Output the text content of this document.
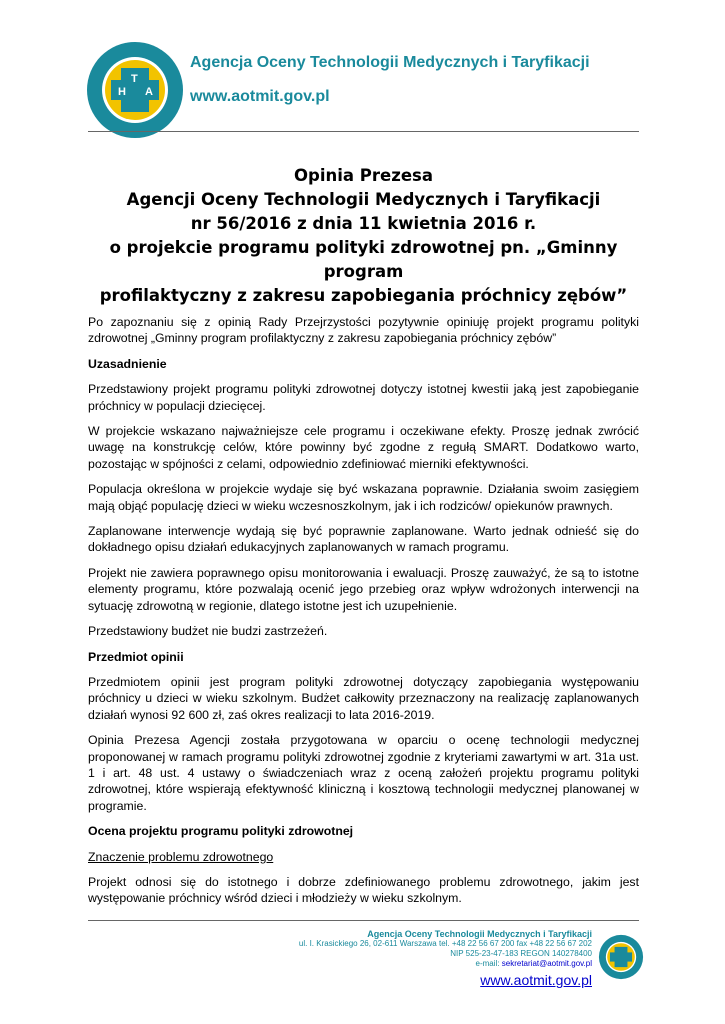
H A
T
Agencja Oceny Technologii Medycznych i Taryfikacji
www.aotmit.gov.pl
Opinia Prezesa
Agencji Oceny Technologii Medycznych i Taryfikacji
nr 56/2016 z dnia 11 kwietnia 2016 r.
o projekcie programu polityki zdrowotnej pn. „Gminny program
profilaktyczny z zakresu zapobiegania próchnicy zębów”

Po zapoznaniu się z opinią Rady Przejrzystości pozytywnie opiniuję projekt programu polityki zdrowotnej „Gminny program profilaktyczny z zakresu zapobiegania próchnicy zębów”

Uzasadnienie

Przedstawiony projekt programu polityki zdrowotnej dotyczy istotnej kwestii jaką jest zapobieganie próchnicy w populacji dziecięcej.

W projekcie wskazano najważniejsze cele programu i oczekiwane efekty. Proszę jednak zwrócić uwagę na konstrukcję celów, które powinny być zgodne z regułą SMART. Dodatkowo warto, pozostając w spójności z celami, odpowiednio zdefiniować mierniki efektywności.

Populacja określona w projekcie wydaje się być wskazana poprawnie. Działania swoim zasięgiem mają objąć populację dzieci w wieku wczesnoszkolnym, jak i ich rodziców/ opiekunów prawnych.

Zaplanowane interwencje wydają się być poprawnie zaplanowane. Warto jednak odnieść się do dokładnego opisu działań edukacyjnych zaplanowanych w ramach programu.

Projekt nie zawiera poprawnego opisu monitorowania i ewaluacji. Proszę zauważyć, że są to istotne elementy programu, które pozwalają ocenić jego przebieg oraz wpływ wdrożonych interwencji na sytuację zdrowotną w regionie, dlatego istotne jest ich uzupełnienie.

Przedstawiony budżet nie budzi zastrzeżeń.

Przedmiot opinii

Przedmiotem opinii jest program polityki zdrowotnej dotyczący zapobiegania występowaniu próchnicy u dzieci w wieku szkolnym. Budżet całkowity przeznaczony na realizację zaplanowanych działań wynosi 92 600 zł, zaś okres realizacji to lata 2016-2019.

Opinia Prezesa Agencji została przygotowana w oparciu o ocenę technologii medycznej proponowanej w ramach programu polityki zdrowotnej zgodnie z kryteriami zawartymi w art. 31a ust. 1 i art. 48 ust. 4 ustawy o świadczeniach wraz z oceną założeń projektu programu polityki zdrowotnej, które wspierają efektywność kliniczną i kosztową technologii medycznej planowanej w programie.

Ocena projektu programu polityki zdrowotnej

Znaczenie problemu zdrowotnego

Projekt odnosi się do istotnego i dobrze zdefiniowanego problemu zdrowotnego, jakim jest występowanie próchnicy wśród dzieci i młodzieży w wieku szkolnym.

Agencja Oceny Technologii Medycznych i Taryfikacji
ul. I. Krasickiego 26, 02-611 Warszawa tel. +48 22 56 67 200 fax +48 22 56 67 202
NIP 525-23-47-183 REGON 140278400
e-mail: sekretariat@aotmit.gov.pl
www.aotmit.gov.pl
